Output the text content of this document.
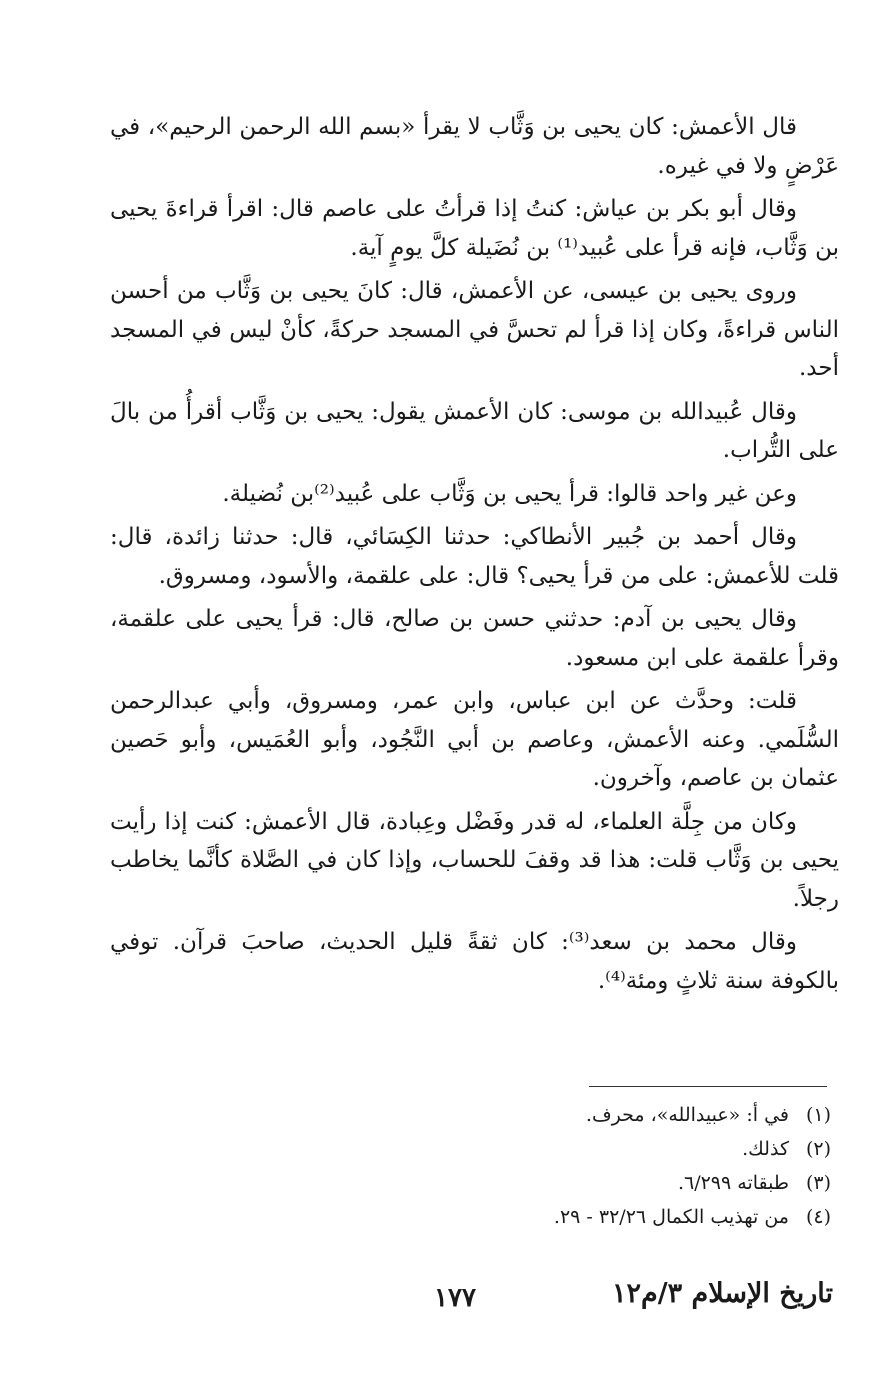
قال الأعمش: كان يحيى بن وَثَّاب لا يقرأ «بسم الله الرحمن الرحيم»، في عَرْضٍ ولا في غيره.

وقال أبو بكر بن عياش: كنتُ إذا قرأتُ على عاصم قال: اقرأ قراءةَ يحيى بن وَثَّاب، فإنه قرأ على عُبيد⁽¹⁾ بن نُضَيلة كلَّ يومٍ آية.

وروى يحيى بن عيسى، عن الأعمش، قال: كانَ يحيى بن وَثَّاب من أحسن الناس قراءةً، وكان إذا قرأ لم تحسَّ في المسجد حركةً، كأنْ ليس في المسجد أحد.

وقال عُبيدالله بن موسى: كان الأعمش يقول: يحيى بن وَثَّاب أقرأُ من بالَ على التُّراب.

وعن غير واحد قالوا: قرأ يحيى بن وَثَّاب على عُبيد⁽²⁾بن نُضيلة.

وقال أحمد بن جُبير الأنطاكي: حدثنا الكِسَائي، قال: حدثنا زائدة، قال: قلت للأعمش: على من قرأ يحيى؟ قال: على علقمة، والأسود، ومسروق.

وقال يحيى بن آدم: حدثني حسن بن صالح، قال: قرأ يحيى على علقمة، وقرأ علقمة على ابن مسعود.

قلت: وحدَّث عن ابن عباس، وابن عمر، ومسروق، وأبي عبدالرحمن السُّلَمي. وعنه الأعمش، وعاصم بن أبي النَّجُود، وأبو العُمَيس، وأبو حَصين عثمان بن عاصم، وآخرون.

وكان من جِلَّة العلماء، له قدر وفَضْل وعِبادة، قال الأعمش: كنت إذا رأيت يحيى بن وَثَّاب قلت: هذا قد وقفَ للحساب، وإذا كان في الصَّلاة كأنَّما يخاطب رجلاً.

وقال محمد بن سعد⁽³⁾: كان ثقةً قليل الحديث، صاحبَ قرآن. توفي بالكوفة سنة ثلاثٍ ومئة⁽⁴⁾.

(١)في أ: «عبيدالله»، محرف.

(٢)كذلك.

(٣)طبقاته ٦/٢٩٩.

(٤)من تهذيب الكمال ٣٢/٢٦ - ٢٩.

١٧٧	تاريخ الإسلام ٣/م١٢
